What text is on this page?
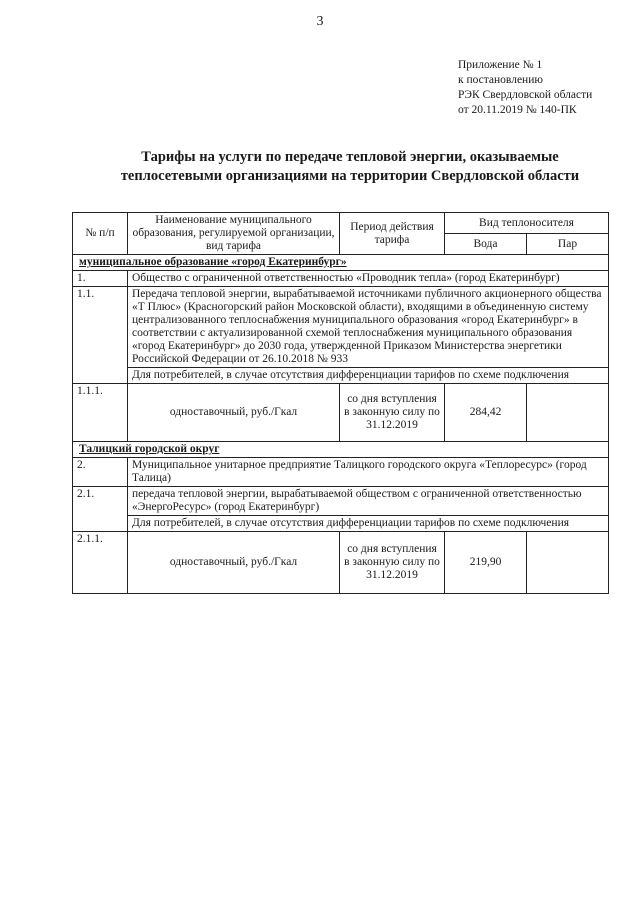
3
Приложение № 1
к постановлению
РЭК Свердловской области
от 20.11.2019 № 140-ПК
Тарифы на услуги по передаче тепловой энергии, оказываемые
теплосетевыми организациями на территории Свердловской области
№ п/п	Наименование муниципального образования, регулируемой организации, вид тарифа	Период действия тарифа	Вид теплоносителя	
			Вода	Пар
муниципальное образование «город Екатеринбург»				
1.	Общество с ограниченной ответственностью «Проводник тепла» (город Екатеринбург)			
1.1.	Передача тепловой энергии, вырабатываемой источниками публичного акционерного общества «Т Плюс» (Красногорский район Московской области), входящими в объединенную систему централизованного теплоснабжения муниципального образования «город Екатеринбург» в соответствии с актуализированной схемой теплоснабжения муниципального образования «город Екатеринбург» до 2030 года, утвержденной Приказом Министерства энергетики Российской Федерации от 26.10.2018 № 933			
	Для потребителей, в случае отсутствия дифференциации тарифов по схеме подключения			
1.1.1.	одноставочный, руб./Гкал	со дня вступления в законную силу по 31.12.2019	284,42	
Талицкий городской округ				
2.	Муниципальное унитарное предприятие Талицкого городского округа «Теплоресурс» (город Талица)			
2.1.	передача тепловой энергии, вырабатываемой обществом с ограниченной ответственностью «ЭнергоРесурс» (город Екатеринбург)			
	Для потребителей, в случае отсутствия дифференциации тарифов по схеме подключения			
2.1.1.	одноставочный, руб./Гкал	со дня вступления в законную силу по 31.12.2019	219,90	
